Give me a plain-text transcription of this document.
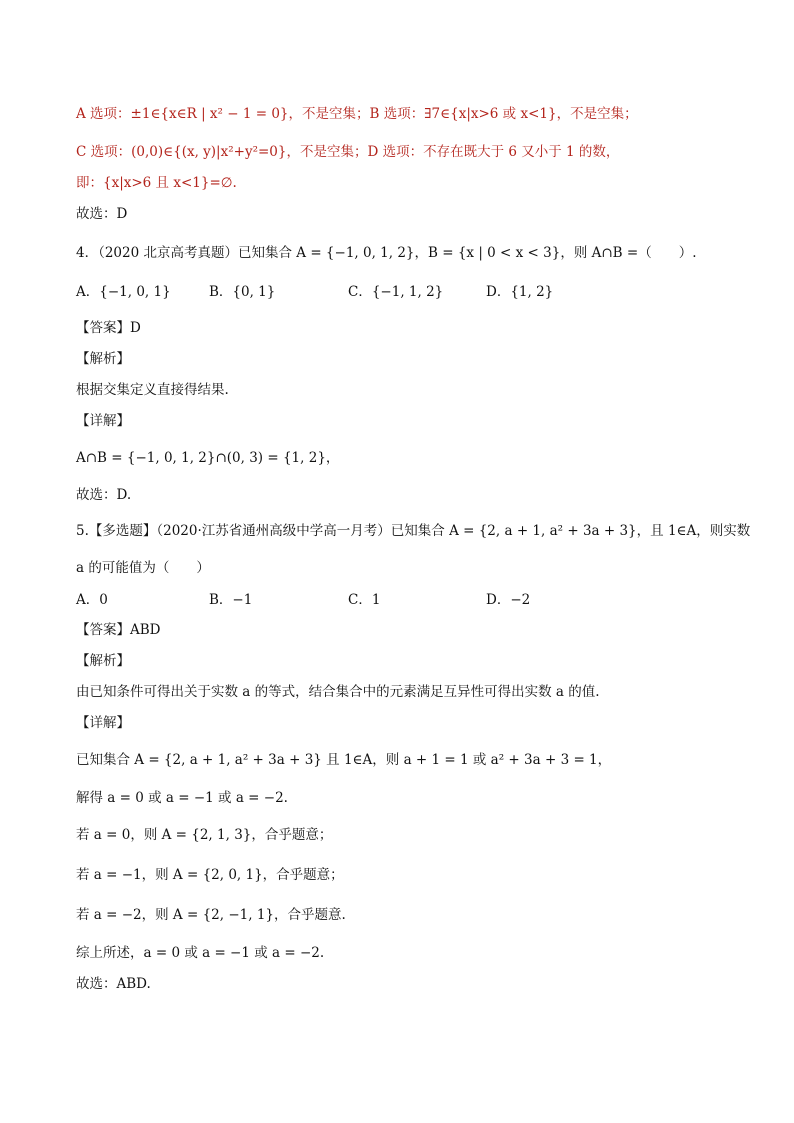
A 选项：±1∈{x∈R | x² − 1 = 0}，不是空集；B 选项：∃7∈{x|x>6 或 x<1}，不是空集；
C 选项：(0,0)∈{(x, y)|x²+y²=0}，不是空集；D 选项：不存在既大于 6 又小于 1 的数，
即：{x|x>6 且 x<1}=∅.
故选：D
4．（2020 北京高考真题）已知集合 A = {−1, 0, 1, 2}，B = {x | 0 < x < 3}，则 A∩B =（　　）.
A．{−1, 0, 1}	B．{0, 1}	C．{−1, 1, 2}	D．{1, 2}
【答案】D
【解析】
根据交集定义直接得结果.
【详解】
A∩B = {−1, 0, 1, 2}∩(0, 3) = {1, 2}，
故选：D.
5.【多选题】（2020·江苏省通州高级中学高一月考）已知集合 A = {2, a + 1, a² + 3a + 3}，且 1∈A，则实数
a 的可能值为（　　）
A．0	B．−1	C．1	D．−2
【答案】ABD
【解析】
由已知条件可得出关于实数 a 的等式，结合集合中的元素满足互异性可得出实数 a 的值.
【详解】
已知集合 A = {2, a + 1, a² + 3a + 3} 且 1∈A，则 a + 1 = 1 或 a² + 3a + 3 = 1，
解得 a = 0 或 a = −1 或 a = −2.
若 a = 0，则 A = {2, 1, 3}，合乎题意；
若 a = −1，则 A = {2, 0, 1}，合乎题意；
若 a = −2，则 A = {2, −1, 1}，合乎题意.
综上所述，a = 0 或 a = −1 或 a = −2.
故选：ABD.
